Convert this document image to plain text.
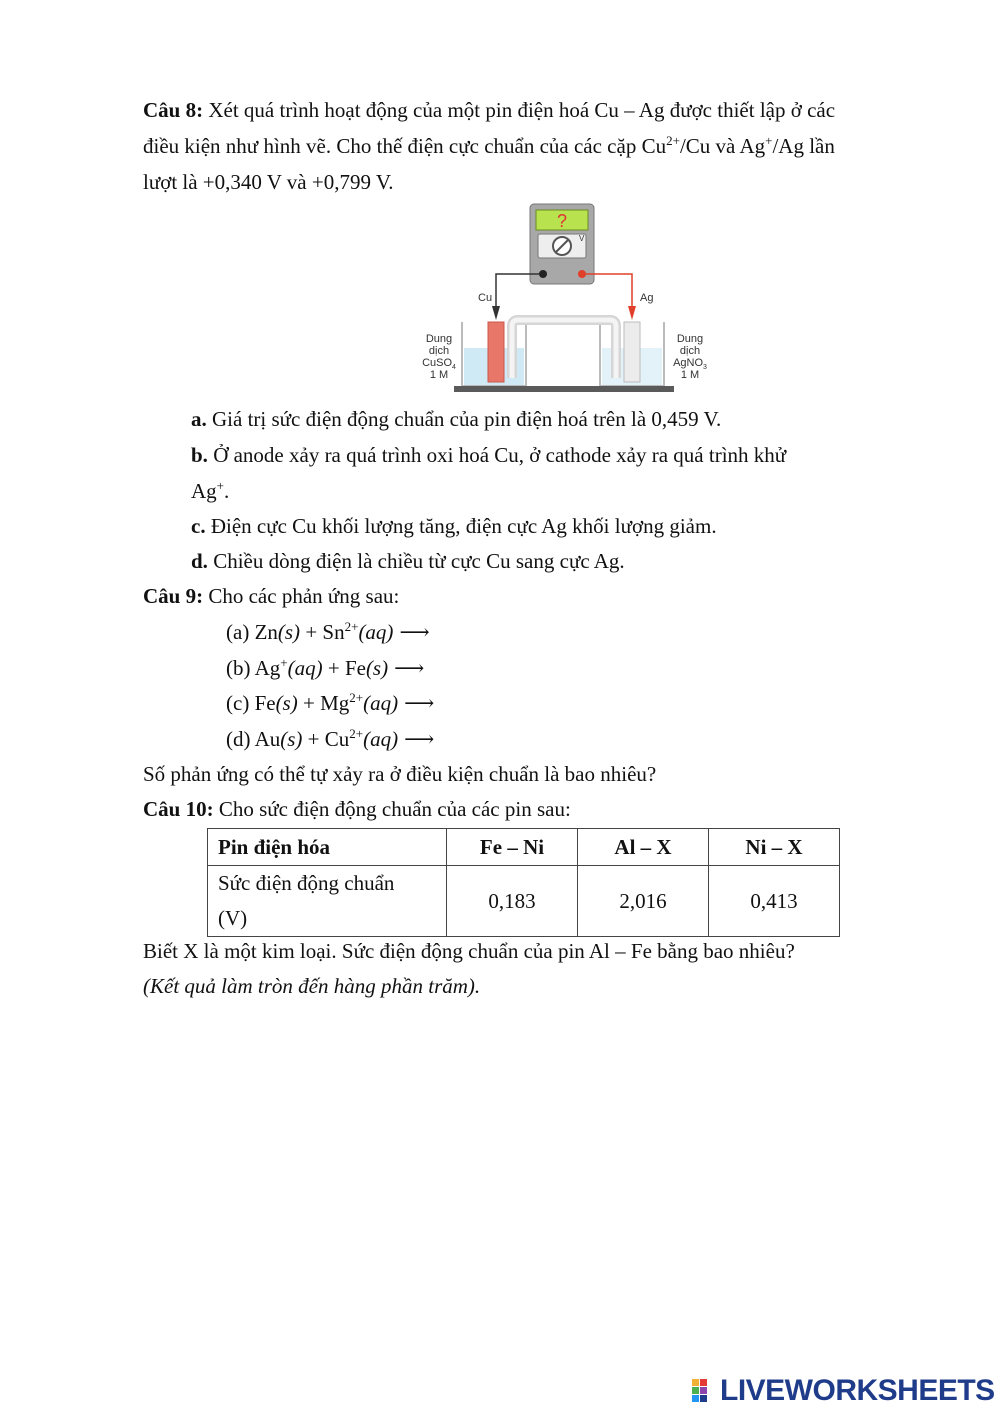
Câu 8: Xét quá trình hoạt động của một pin điện hoá Cu – Ag được thiết lập ở các
điều kiện như hình vẽ. Cho thế điện cực chuẩn của các cặp $Cu^{2+}/Cu$ và Ag+/Ag lần
lượt là +0,340 V và +0,799 V.
?
V
Cu	Ag
Dung
dịch
CuSO$_4$
1 M
Dung
dịch
AgNO$_3$
1 M
a. Giá trị sức điện động chuẩn của pin điện hoá trên là 0,459 V.
b. Ở anode xảy ra quá trình oxi hoá Cu, ở cathode xảy ra quá trình khử
Ag+.
c. Điện cực Cu khối lượng tăng, điện cực Ag khối lượng giảm.
d. Chiều dòng điện là chiều từ cực Cu sang cực Ag.
Câu 9: Cho các phản ứng sau:
(a) $Zn(s) + Sn^{2+}(aq)$ ⟶
(b) Ag+(aq) + Fe(s) ⟶
(c) $Fe(s) + Mg^{2+}(aq)$ ⟶
(d) $Au(s) + Cu^{2+}(aq)$ ⟶
Số phản ứng có thể tự xảy ra ở điều kiện chuẩn là bao nhiêu?
Câu 10: Cho sức điện động chuẩn của các pin sau:
Pin điện hóa	Fe – Ni	Al – X	Ni – X

Sức điện động chuẩn
(V)	0,183	2,016	0,413
Biết X là một kim loại. Sức điện động chuẩn của pin Al – Fe bằng bao nhiêu?
(Kết quả làm tròn đến hàng phần trăm).
LIVEWORKSHEETS
